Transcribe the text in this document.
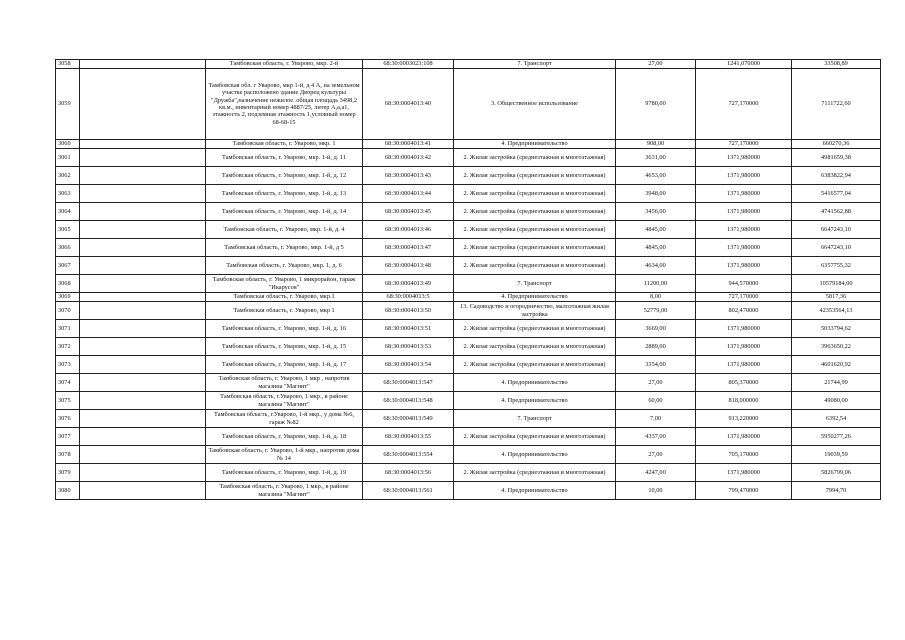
3058		Тамбовская область, г. Уварово, мкр. 2-й	68:30:0003023:108	7. Транспорт	27,00	1241,070000	33508,89
3059		Тамбовская обл. г Уварово, мкр 1-й, д 4 А, на земельном участке расположено здание Дворец культуры "Дружба",назначение нежилое. общая площадь 3498,2 кв.м., инвентарный номер 4887/25, литер А,а,а1, этажность 2, подземная этажность 1,условный номер 68-68-15	68:30:0004013:40	3. Общественное использование	9780,00	727,170000	7111722,60
3060		Тамбовская область, г. Уварово, мкр. 1	68:30:0004013:41	4. Предпринимательство	908,00	727,170000	660270,36
3061		Тамбовская область, г. Уварово, мкр. 1-й, д. 11	68:30:0004013:42	2. Жилая застройка (среднеэтажная и многоэтажная)	3631,00	1371,980000	4981659,38
3062		Тамбовская область, г. Уварово, мкр. 1-й, д. 12	68:30:0004013:43	2. Жилая застройка (среднеэтажная и многоэтажная)	4653,00	1371,980000	6383822,94
3063		Тамбовская область, г. Уварово, мкр. 1-й, д. 13	68:30:0004013:44	2. Жилая застройка (среднеэтажная и многоэтажная)	3948,00	1371,980000	5416577,04
3064		Тамбовская область, г. Уварово, мкр. 1-й, д. 14	68:30:0004013:45	2. Жилая застройка (среднеэтажная и многоэтажная)	3456,00	1371,980000	4741562,88
3065		Тамбовская область, г. Уварово, мкр. 1-й, д. 4	68:30:0004013:46	2. Жилая застройка (среднеэтажная и многоэтажная)	4845,00	1371,980000	6647243,10
3066		Тамбовская область, г. Уварово, мкр. 1-й, д 5	68:30:0004013:47	2. Жилая застройка (среднеэтажная и многоэтажная)	4845,00	1371,980000	6647243,10
3067		Тамбовская область, г. Уварово, мкр. 1, д. 6	68:30:0004013:48	2. Жилая застройка (среднеэтажная и многоэтажная)	4634,00	1371,980000	6357755,32
3068		Тамбовская область, г. Уварово, 1 микрорайон, гараж "Икарусов"	68:30:0004013:49	7. Транспорт	11200,00	944,570000	10579184,00
3069		Тамбовская область, г. Уварово, мкр.1	68:30:0004013:5	4. Предпринимательство	8,00	727,170000	5817,36
3070		Тамбовская область, г. Уварово, мкр 1	68:30:0004013:50	13. Садоводство и огородничество, малоэтажная жилая застройка	52779,00	802,470000	42353564,13
3071		Тамбовская область, г. Уварово, мкр. 1-й, д. 16	68:30:0004013:51	2. Жилая застройка (среднеэтажная и многоэтажная)	3669,00	1371,980000	5033794,62
3072		Тамбовская область, г. Уварово, мкр. 1-й, д. 15	68:30:0004013:53	2. Жилая застройка (среднеэтажная и многоэтажная)	2889,00	1371,980000	3963650,22
3073		Тамбовская область, г. Уварово, мкр. 1-й, д. 17	68:30:0004013:54	2. Жилая застройка (среднеэтажная и многоэтажная)	3354,00	1371,980000	4601620,92
3074		Тамбовская область, г. Уварово, 1 мкр , напротив магазина "Магнит"	68:30:0004013:547	4. Предпринимательство	27,00	805,370000	21744,99
3075		Тамбовская область, г.Уварово, 1 мкр., в районе магазина "Магнит"	68:30:0004013:548	4. Предпринимательство	60,00	818,000000	49080,00
3076		Тамбовская область, г.Уварово, 1-й мкр., у дома №6, гараж №82	68:30:0004013:549	7. Транспорт	7,00	913,220000	6392,54
3077		Тамбовская область, г. Уварово, мкр. 1-й, д. 18	68:30:0004013:55	2. Жилая застройка (среднеэтажная и многоэтажная)	4337,00	1371,980000	5950277,26
3078		Тамбовская область, г. Уварово, 1-й мкр., напротив дома № 14	68:30:0004013:554	4. Предпринимательство	27,00	705,170000	19039,59
3079		Тамбовская область, г. Уварово, мкр. 1-й, д. 19	68:30:0004013:56	2. Жилая застройка (среднеэтажная и многоэтажная)	4247,00	1371,980000	5826799,06
3080		Тамбовская область, г. Уварово, 1 мкр., в районе магазина "Магнит"	68:30:0004013:561	4. Предпринимательство	10,00	799,470000	7994,70
